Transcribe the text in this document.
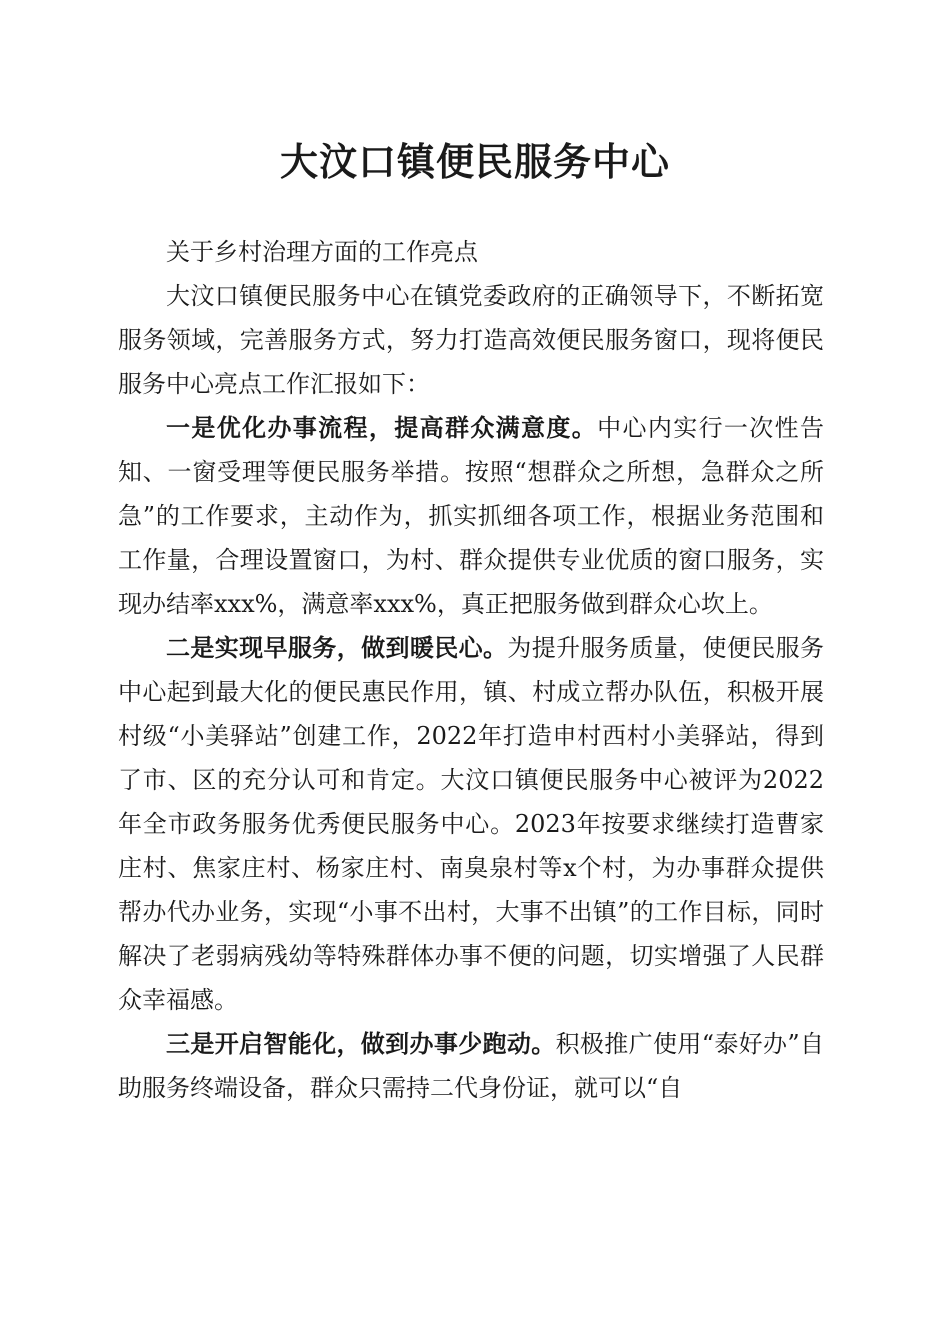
大汶口镇便民服务中心

关于乡村治理方面的工作亮点

大汶口镇便民服务中心在镇党委政府的正确领导下，不断拓宽服务领域，完善服务方式，努力打造高效便民服务窗口，现将便民服务中心亮点工作汇报如下：

一是优化办事流程，提高群众满意度。中心内实行一次性告知、一窗受理等便民服务举措。按照“想群众之所想，急群众之所急”的工作要求，主动作为，抓实抓细各项工作，根据业务范围和工作量，合理设置窗口，为村、群众提供专业优质的窗口服务，实现办结率xxx%，满意率xxx%，真正把服务做到群众心坎上。

二是实现早服务，做到暖民心。为提升服务质量，使便民服务中心起到最大化的便民惠民作用，镇、村成立帮办队伍，积极开展村级“小美驿站”创建工作，2022年打造申村西村小美驿站，得到了市、区的充分认可和肯定。大汶口镇便民服务中心被评为2022年全市政务服务优秀便民服务中心。2023年按要求继续打造曹家庄村、焦家庄村、杨家庄村、南臭泉村等x个村，为办事群众提供帮办代办业务，实现“小事不出村，大事不出镇”的工作目标，同时解决了老弱病残幼等特殊群体办事不便的问题，切实增强了人民群众幸福感。

三是开启智能化，做到办事少跑动。积极推广使用“泰好办”自助服务终端设备，群众只需持二代身份证，就可以“自
